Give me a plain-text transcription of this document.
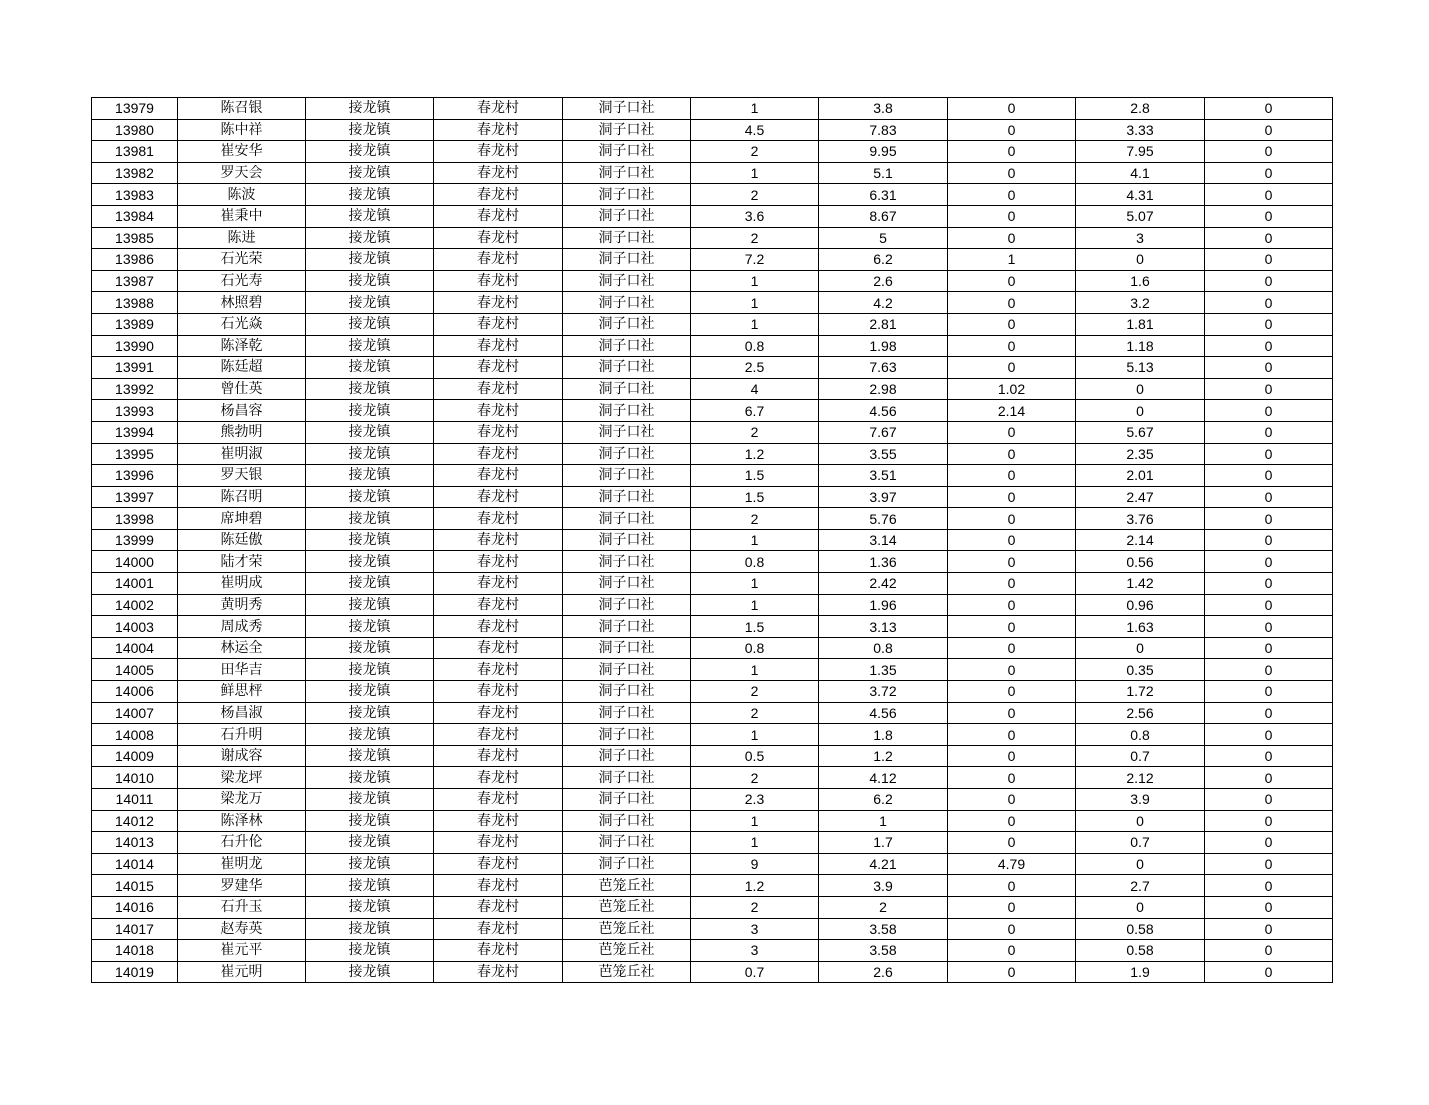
13979	陈召银	接龙镇	春龙村	洞子口社	1	3.8	0	2.8	0
13980	陈中祥	接龙镇	春龙村	洞子口社	4.5	7.83	0	3.33	0
13981	崔安华	接龙镇	春龙村	洞子口社	2	9.95	0	7.95	0
13982	罗天会	接龙镇	春龙村	洞子口社	1	5.1	0	4.1	0
13983	陈波	接龙镇	春龙村	洞子口社	2	6.31	0	4.31	0
13984	崔秉中	接龙镇	春龙村	洞子口社	3.6	8.67	0	5.07	0
13985	陈进	接龙镇	春龙村	洞子口社	2	5	0	3	0
13986	石光荣	接龙镇	春龙村	洞子口社	7.2	6.2	1	0	0
13987	石光寿	接龙镇	春龙村	洞子口社	1	2.6	0	1.6	0
13988	林照碧	接龙镇	春龙村	洞子口社	1	4.2	0	3.2	0
13989	石光焱	接龙镇	春龙村	洞子口社	1	2.81	0	1.81	0
13990	陈泽乾	接龙镇	春龙村	洞子口社	0.8	1.98	0	1.18	0
13991	陈廷超	接龙镇	春龙村	洞子口社	2.5	7.63	0	5.13	0
13992	曾仕英	接龙镇	春龙村	洞子口社	4	2.98	1.02	0	0
13993	杨昌容	接龙镇	春龙村	洞子口社	6.7	4.56	2.14	0	0
13994	熊勃明	接龙镇	春龙村	洞子口社	2	7.67	0	5.67	0
13995	崔明淑	接龙镇	春龙村	洞子口社	1.2	3.55	0	2.35	0
13996	罗天银	接龙镇	春龙村	洞子口社	1.5	3.51	0	2.01	0
13997	陈召明	接龙镇	春龙村	洞子口社	1.5	3.97	0	2.47	0
13998	席坤碧	接龙镇	春龙村	洞子口社	2	5.76	0	3.76	0
13999	陈廷傲	接龙镇	春龙村	洞子口社	1	3.14	0	2.14	0
14000	陆才荣	接龙镇	春龙村	洞子口社	0.8	1.36	0	0.56	0
14001	崔明成	接龙镇	春龙村	洞子口社	1	2.42	0	1.42	0
14002	黄明秀	接龙镇	春龙村	洞子口社	1	1.96	0	0.96	0
14003	周成秀	接龙镇	春龙村	洞子口社	1.5	3.13	0	1.63	0
14004	林运全	接龙镇	春龙村	洞子口社	0.8	0.8	0	0	0
14005	田华吉	接龙镇	春龙村	洞子口社	1	1.35	0	0.35	0
14006	鲜思枰	接龙镇	春龙村	洞子口社	2	3.72	0	1.72	0
14007	杨昌淑	接龙镇	春龙村	洞子口社	2	4.56	0	2.56	0
14008	石升明	接龙镇	春龙村	洞子口社	1	1.8	0	0.8	0
14009	谢成容	接龙镇	春龙村	洞子口社	0.5	1.2	0	0.7	0
14010	梁龙坪	接龙镇	春龙村	洞子口社	2	4.12	0	2.12	0
14011	梁龙万	接龙镇	春龙村	洞子口社	2.3	6.2	0	3.9	0
14012	陈泽林	接龙镇	春龙村	洞子口社	1	1	0	0	0
14013	石升伦	接龙镇	春龙村	洞子口社	1	1.7	0	0.7	0
14014	崔明龙	接龙镇	春龙村	洞子口社	9	4.21	4.79	0	0
14015	罗建华	接龙镇	春龙村	芭笼丘社	1.2	3.9	0	2.7	0
14016	石升玉	接龙镇	春龙村	芭笼丘社	2	2	0	0	0
14017	赵寿英	接龙镇	春龙村	芭笼丘社	3	3.58	0	0.58	0
14018	崔元平	接龙镇	春龙村	芭笼丘社	3	3.58	0	0.58	0
14019	崔元明	接龙镇	春龙村	芭笼丘社	0.7	2.6	0	1.9	0
